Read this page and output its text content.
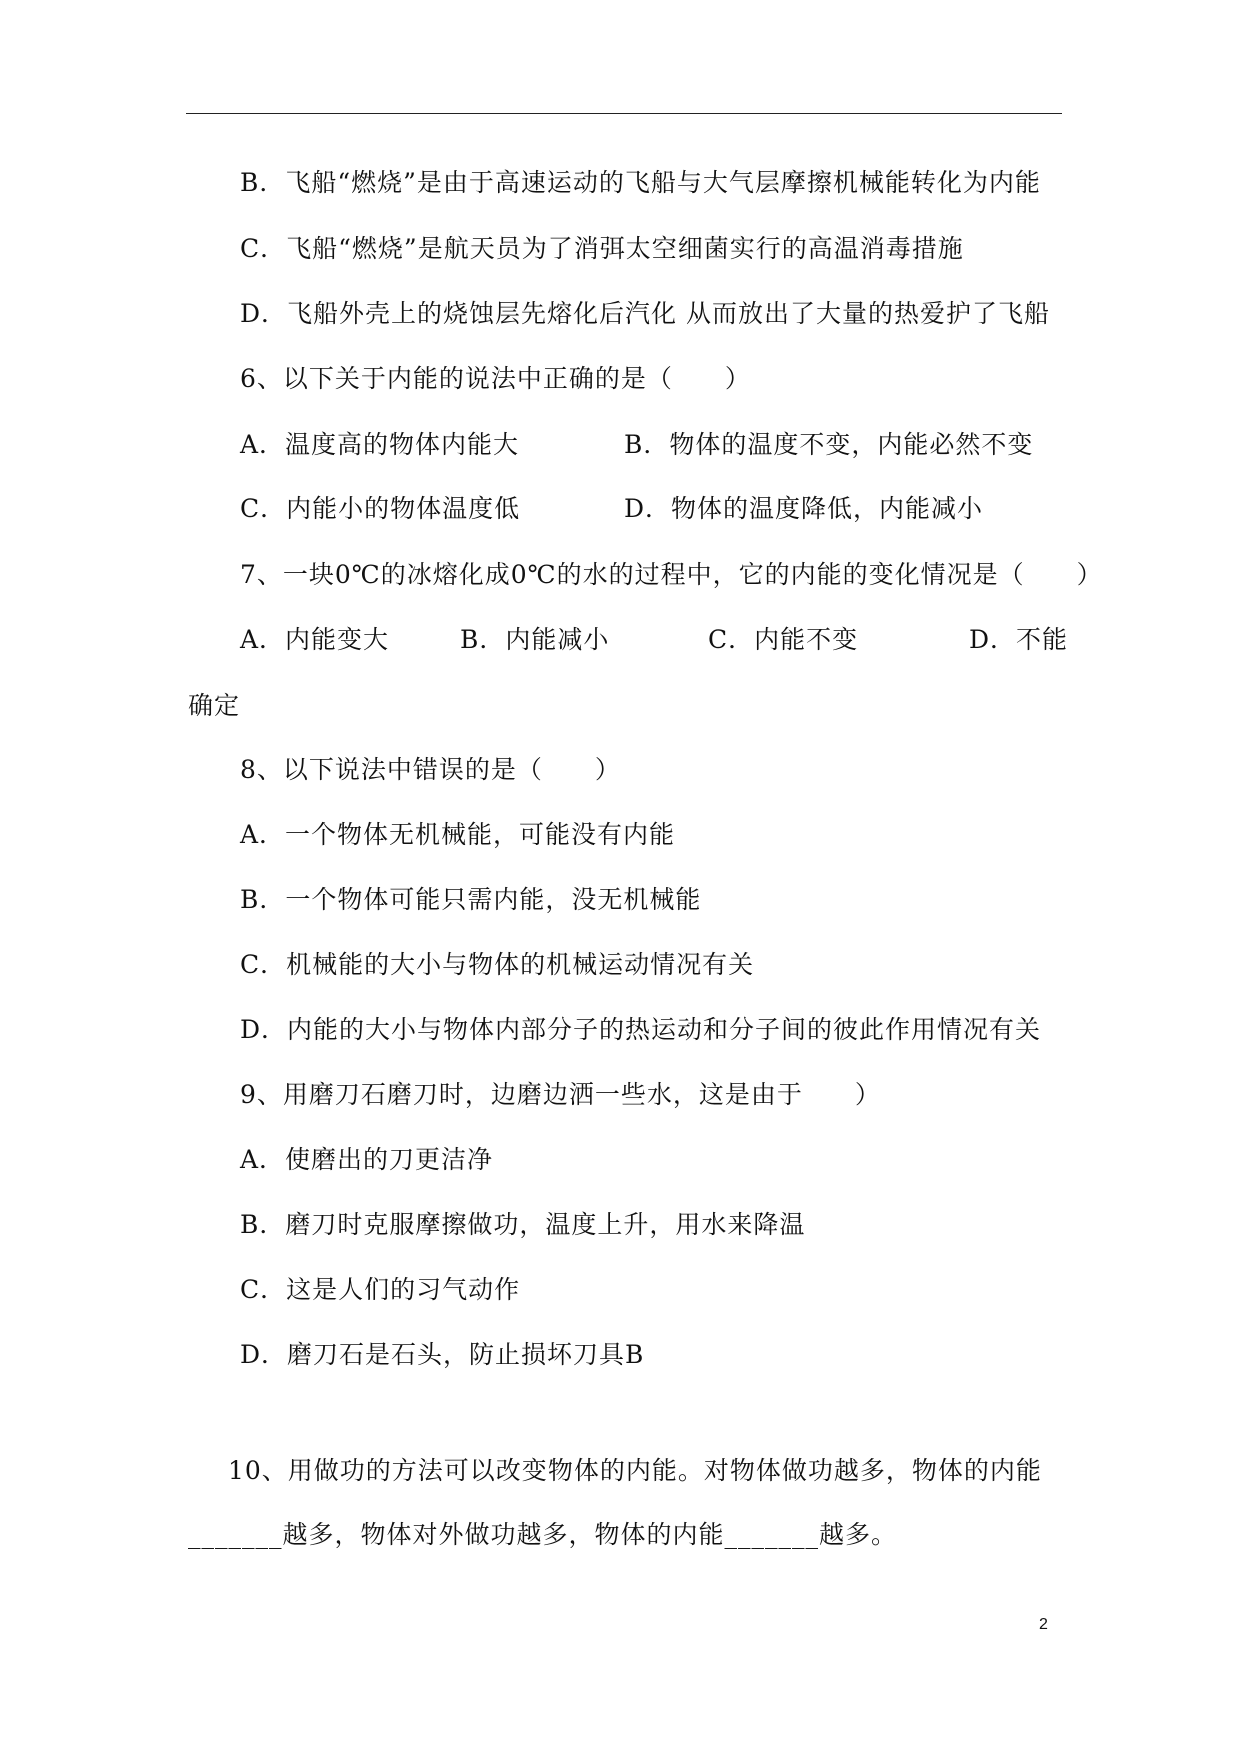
B．飞船“燃烧”是由于高速运动的飞船与大气层摩擦机械能转化为内能
C．飞船“燃烧”是航天员为了消弭太空细菌实行的高温消毒措施
D．飞船外壳上的烧蚀层先熔化后汽化 从而放出了大量的热爱护了飞船
6、以下关于内能的说法中正确的是（　　）
A．温度高的物体内能大	B．物体的温度不变，内能必然不变
C．内能小的物体温度低	D．物体的温度降低，内能减小
7、一块0℃的冰熔化成0℃的水的过程中，它的内能的变化情况是（　　）
A．内能变大	B．内能减小	C．内能不变	D．不能
确定
8、以下说法中错误的是（　　）
A．一个物体无机械能，可能没有内能
B．一个物体可能只需内能，没无机械能
C．机械能的大小与物体的机械运动情况有关
D．内能的大小与物体内部分子的热运动和分子间的彼此作用情况有关
9、用磨刀石磨刀时，边磨边洒一些水，这是由于　　）
A．使磨出的刀更洁净
B．磨刀时克服摩擦做功，温度上升，用水来降温
C．这是人们的习气动作
D．磨刀石是石头，防止损坏刀具B
10、用做功的方法可以改变物体的内能。对物体做功越多，物体的内能
_______越多，物体对外做功越多，物体的内能_______越多。
2
